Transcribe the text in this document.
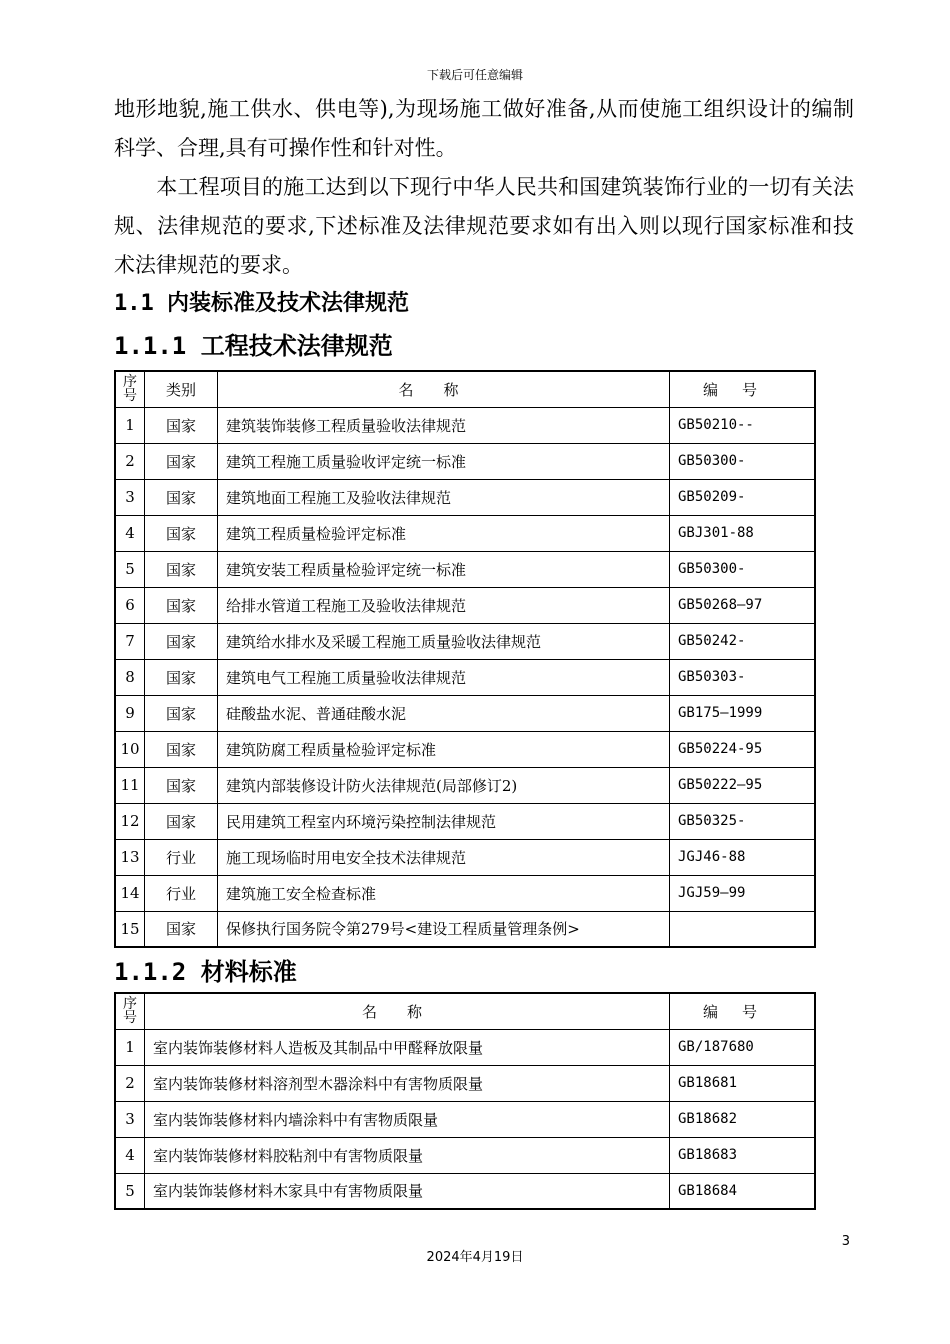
下载后可任意编辑

地形地貌,施工供水、供电等),为现场施工做好准备,从而使施工组织设计的编制科学、合理,具有可操作性和针对性。

　　本工程项目的施工达到以下现行中华人民共和国建筑装饰行业的一切有关法规、法律规范的要求,下述标准及法律规范要求如有出入则以现行国家标准和技术法律规范的要求。

1.1 内装标准及技术法律规范
1.1.1 工程技术法律规范
序号	类别	名称	编号
1	国家	建筑装饰装修工程质量验收法律规范	GB50210--
2	国家	建筑工程施工质量验收评定统一标准	GB50300-
3	国家	建筑地面工程施工及验收法律规范	GB50209-
4	国家	建筑工程质量检验评定标准	GBJ301-88
5	国家	建筑安装工程质量检验评定统一标准	GB50300-
6	国家	给排水管道工程施工及验收法律规范	GB50268—97
7	国家	建筑给水排水及采暖工程施工质量验收法律规范	GB50242-
8	国家	建筑电气工程施工质量验收法律规范	GB50303-
9	国家	硅酸盐水泥、普通硅酸水泥	GB175—1999
10	国家	建筑防腐工程质量检验评定标准	GB50224-95
11	国家	建筑内部装修设计防火法律规范(局部修订2)	GB50222—95
12	国家	民用建筑工程室内环境污染控制法律规范	GB50325-
13	行业	施工现场临时用电安全技术法律规范	JGJ46-88
14	行业	建筑施工安全检查标准	JGJ59—99
15	国家	保修执行国务院令第279号<建设工程质量管理条例>	
1.1.2 材料标准
序号	名称	编号
1	室内装饰装修材料人造板及其制品中甲醛释放限量	GB/187680
2	室内装饰装修材料溶剂型木器涂料中有害物质限量	GB18681
3	室内装饰装修材料内墙涂料中有害物质限量	GB18682
4	室内装饰装修材料胶粘剂中有害物质限量	GB18683
5	室内装饰装修材料木家具中有害物质限量	GB18684
3
2024年4月19日
